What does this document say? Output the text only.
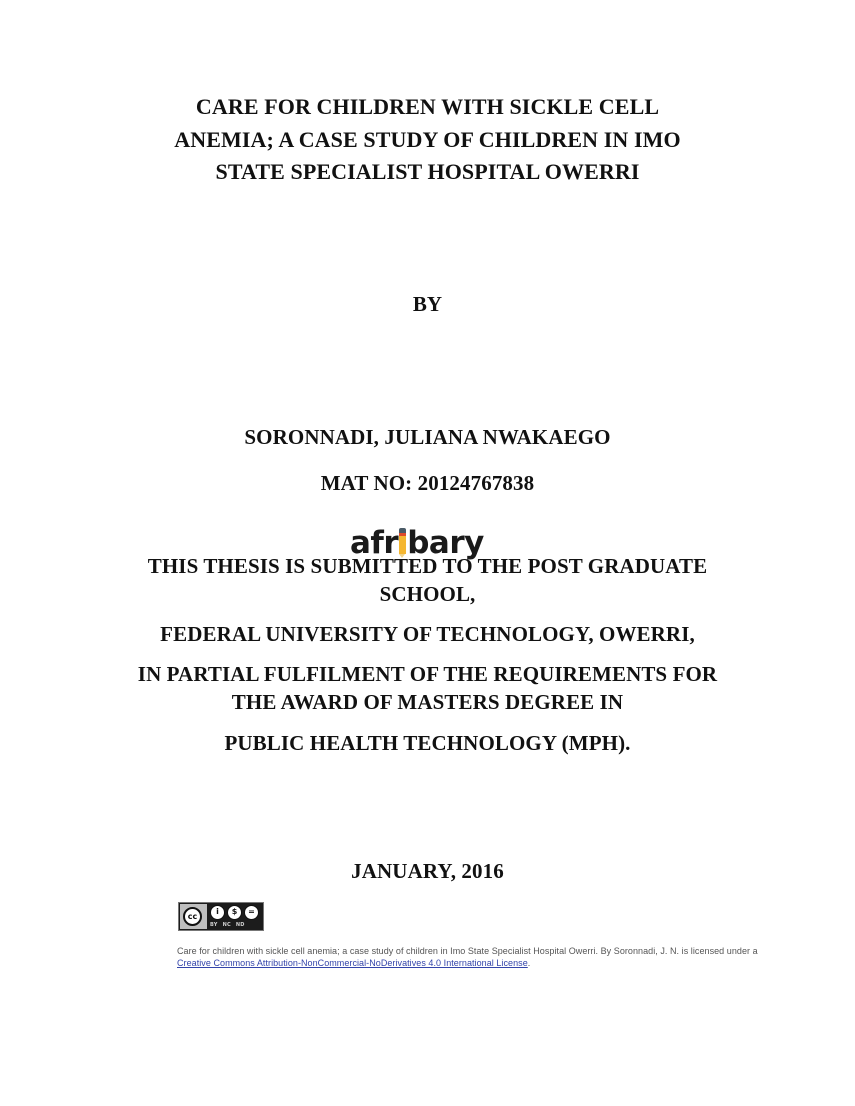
CARE FOR CHILDREN WITH SICKLE CELL
ANEMIA; A CASE STUDY OF CHILDREN IN IMO
STATE SPECIALIST HOSPITAL OWERRI
BY
SORONNADI, JULIANA NWAKAEGO
MAT NO: 20124767838
afr bary
THIS THESIS IS SUBMITTED TO THE POST GRADUATE
SCHOOL,
FEDERAL UNIVERSITY OF TECHNOLOGY, OWERRI,
IN PARTIAL FULFILMENT OF THE REQUIREMENTS FOR
THE AWARD OF MASTERS DEGREE IN
PUBLIC HEALTH TECHNOLOGY (MPH).
JANUARY, 2016
cc
i	$	=
BY NC ND
Care for children with sickle cell anemia; a case study of children in Imo State Specialist Hospital Owerri. By Soronnadi, J. N. is licensed under a Creative Commons Attribution-NonCommercial-NoDerivatives 4.0 International License.
